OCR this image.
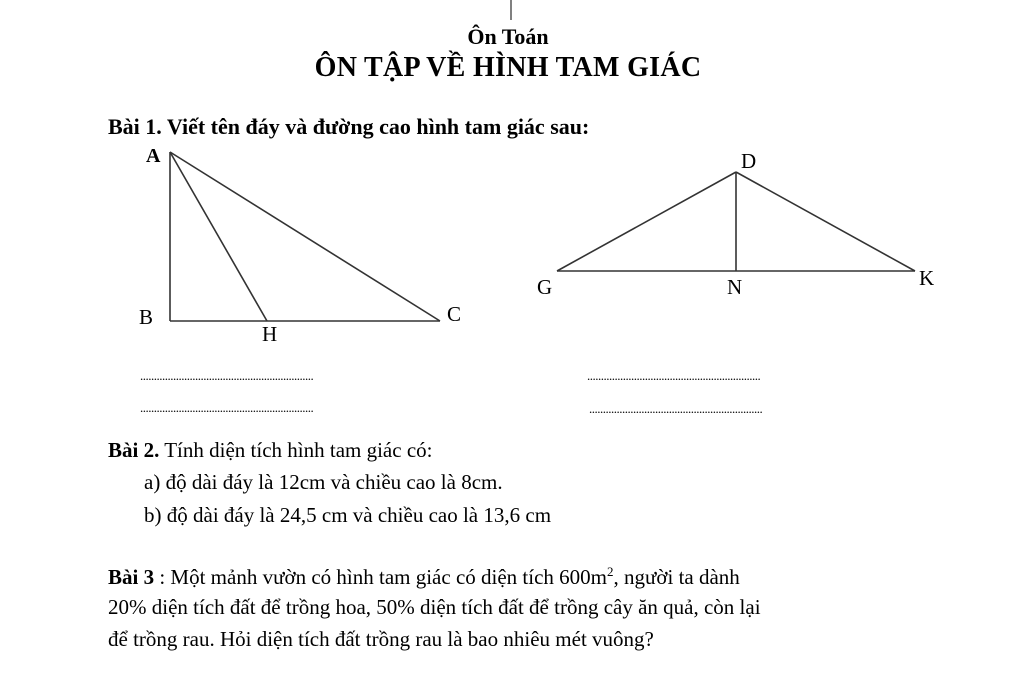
Ôn Toán
ÔN TẬP VỀ HÌNH TAM GIÁC
Bài 1. Viết tên đáy và đường cao hình tam giác sau:
A
B	C
H
D
G	N	K
...............................................................
...............................................................
...............................................................
...............................................................
Bài 2. Tính diện tích hình tam giác có:
a) độ dài đáy là 12cm và chiều cao là 8cm.
b) độ dài đáy là 24,5 cm và chiều cao là 13,6 cm
Bài 3 : Một mảnh vườn có hình tam giác có diện tích $600m^2$, người ta dành
20% diện tích đất để trồng hoa, 50% diện tích đất để trồng cây ăn quả, còn lại
để trồng rau. Hỏi diện tích đất trồng rau là bao nhiêu mét vuông?
